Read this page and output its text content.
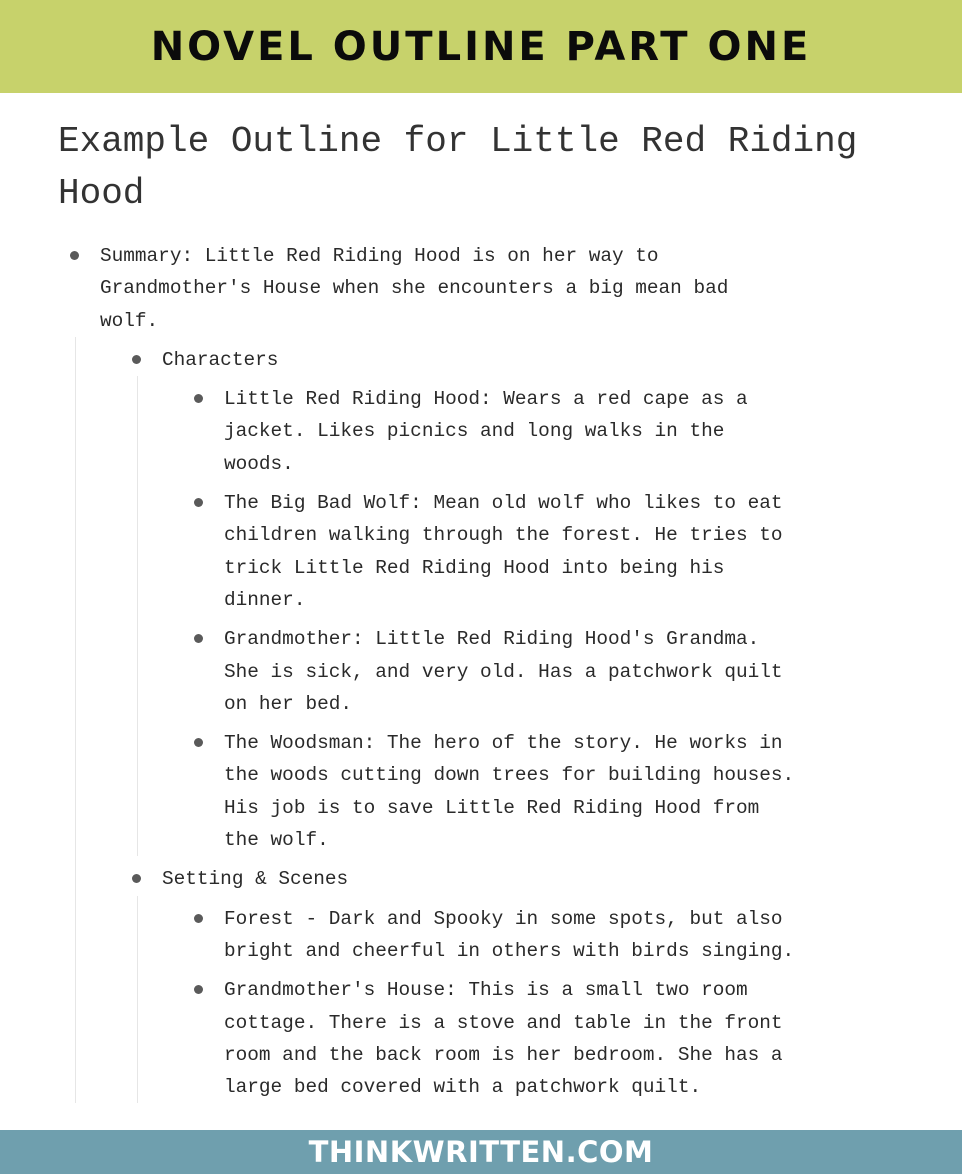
NOVEL OUTLINE PART ONE
Example Outline for Little Red Riding Hood
Summary: Little Red Riding Hood is on her way to
Grandmother's House when she encounters a big mean bad
wolf.
Characters
Little Red Riding Hood: Wears a red cape as a
jacket. Likes picnics and long walks in the
woods.
The Big Bad Wolf: Mean old wolf who likes to eat
children walking through the forest. He tries to
trick Little Red Riding Hood into being his
dinner.
Grandmother: Little Red Riding Hood's Grandma.
She is sick, and very old. Has a patchwork quilt
on her bed.
The Woodsman: The hero of the story. He works in
the woods cutting down trees for building houses.
His job is to save Little Red Riding Hood from
the wolf.
Setting & Scenes
Forest - Dark and Spooky in some spots, but also
bright and cheerful in others with birds singing.
Grandmother's House: This is a small two room
cottage. There is a stove and table in the front
room and the back room is her bedroom. She has a
large bed covered with a patchwork quilt.
THINKWRITTEN.COM
